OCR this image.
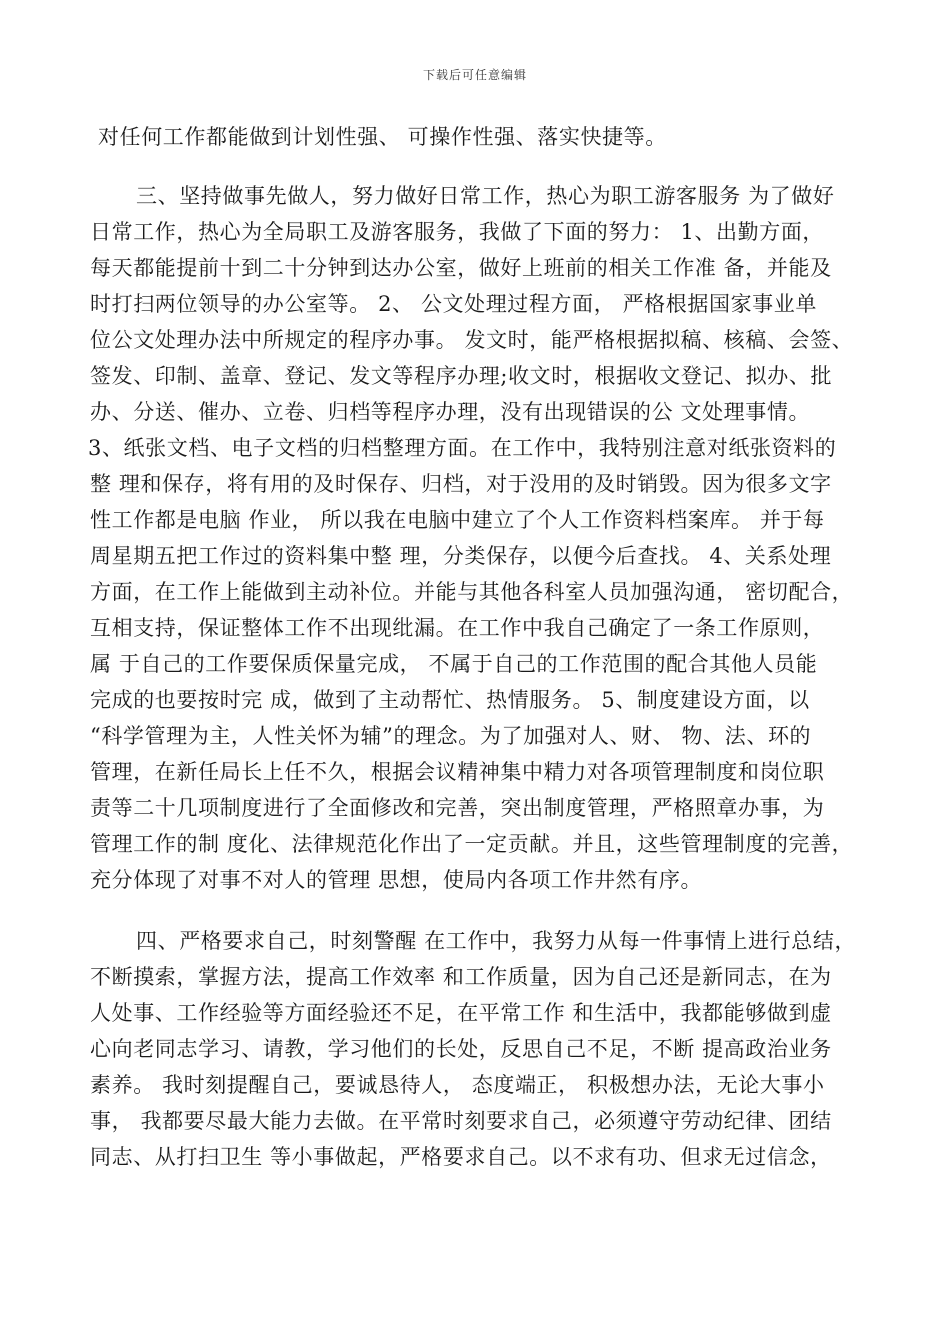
下载后可任意编辑
对任何工作都能做到计划性强、 可操作性强、落实快捷等。
三、坚持做事先做人，努力做好日常工作，热心为职工游客服务 为了做好
日常工作，热心为全局职工及游客服务，我做了下面的努力： 1、出勤方面，
每天都能提前十到二十分钟到达办公室，做好上班前的相关工作准 备，并能及
时打扫两位领导的办公室等。 2、 公文处理过程方面， 严格根据国家事业单
位公文处理办法中所规定的程序办事。 发文时，能严格根据拟稿、核稿、会签、
签发、印制、盖章、登记、发文等程序办理;收文时，根据收文登记、拟办、批
办、分送、催办、立卷、归档等程序办理，没有出现错误的公 文处理事情。
3、纸张文档、电子文档的归档整理方面。在工作中，我特别注意对纸张资料的
整 理和保存，将有用的及时保存、归档，对于没用的及时销毁。因为很多文字
性工作都是电脑 作业， 所以我在电脑中建立了个人工作资料档案库。 并于每
周星期五把工作过的资料集中整 理，分类保存，以便今后查找。 4、关系处理
方面，在工作上能做到主动补位。并能与其他各科室人员加强沟通， 密切配合，
互相支持，保证整体工作不出现纰漏。在工作中我自己确定了一条工作原则，
属 于自己的工作要保质保量完成， 不属于自己的工作范围的配合其他人员能
完成的也要按时完 成，做到了主动帮忙、热情服务。 5、制度建设方面，以
“科学管理为主，人性关怀为辅”的理念。为了加强对人、财、 物、法、环的
管理，在新任局长上任不久，根据会议精神集中精力对各项管理制度和岗位职
责等二十几项制度进行了全面修改和完善，突出制度管理，严格照章办事，为
管理工作的制 度化、法律规范化作出了一定贡献。并且，这些管理制度的完善，
充分体现了对事不对人的管理 思想，使局内各项工作井然有序。
四、严格要求自己，时刻警醒 在工作中，我努力从每一件事情上进行总结，
不断摸索，掌握方法，提高工作效率 和工作质量，因为自己还是新同志，在为
人处事、工作经验等方面经验还不足，在平常工作 和生活中，我都能够做到虚
心向老同志学习、请教，学习他们的长处，反思自己不足，不断 提高政治业务
素养。 我时刻提醒自己，要诚恳待人， 态度端正， 积极想办法，无论大事小
事， 我都要尽最大能力去做。在平常时刻要求自己，必须遵守劳动纪律、团结
同志、从打扫卫生 等小事做起，严格要求自己。以不求有功、但求无过信念，
